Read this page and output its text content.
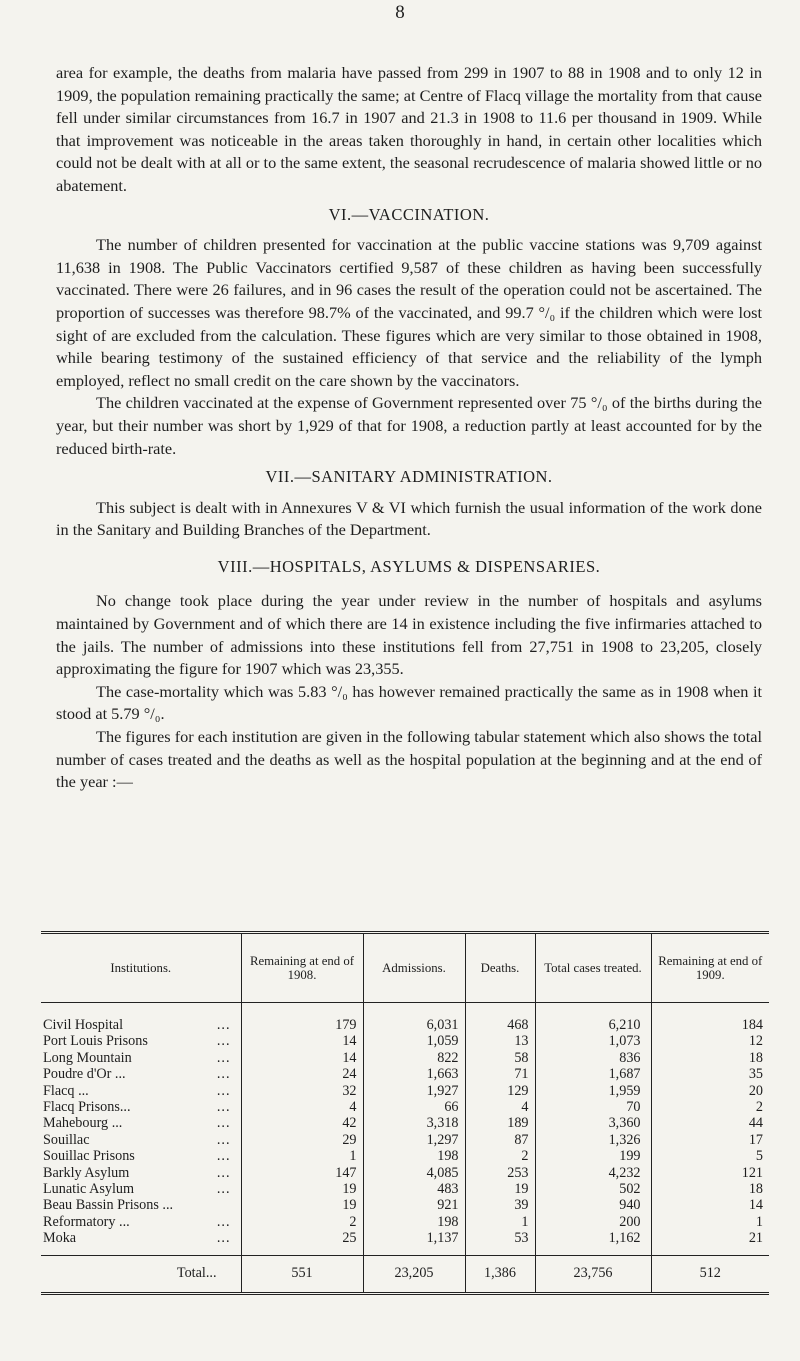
8

area for example, the deaths from malaria have passed from 299 in 1907 to 88 in 1908 and to only 12 in 1909, the population remaining practically the same; at Centre of Flacq village the mortality from that cause fell under similar circumstances from 16.7 in 1907 and 21.3 in 1908 to 11.6 per thousand in 1909. While that improvement was noticeable in the areas taken thoroughly in hand, in certain other localities which could not be dealt with at all or to the same extent, the seasonal recrudescence of malaria showed little or no abatement.

VI.—VACCINATION.

The number of children presented for vaccination at the public vaccine stations was 9,709 against 11,638 in 1908. The Public Vaccinators certified 9,587 of these children as having been successfully vaccinated. There were 26 failures, and in 96 cases the result of the operation could not be ascertained. The proportion of successes was therefore 98.7% of the vaccinated, and 99.7 °/₀ if the children which were lost sight of are excluded from the calculation. These figures which are very similar to those obtained in 1908, while bearing testimony of the sustained efficiency of that service and the reliability of the lymph employed, reflect no small credit on the care shown by the vaccinators.

The children vaccinated at the expense of Government represented over 75 °/₀ of the births during the year, but their number was short by 1,929 of that for 1908, a reduction partly at least accounted for by the reduced birth-rate.

VII.—SANITARY ADMINISTRATION.

This subject is dealt with in Annexures V & VI which furnish the usual information of the work done in the Sanitary and Building Branches of the Department.

VIII.—HOSPITALS, ASYLUMS & DISPENSARIES.

No change took place during the year under review in the number of hospitals and asylums maintained by Government and of which there are 14 in existence including the five infirmaries attached to the jails. The number of admissions into these institutions fell from 27,751 in 1908 to 23,205, closely approximating the figure for 1907 which was 23,355.

The case-mortality which was 5.83 °/₀ has however remained practically the same as in 1908 when it stood at 5.79 °/₀.

The figures for each institution are given in the following tabular statement which also shows the total number of cases treated and the deaths as well as the hospital population at the beginning and at the end of the year :—

Institutions.	Remaining at end of 1908.	Admissions.	Deaths.	Total cases treated.	Remaining at end of 1909.
Civil Hospital ...	179	6,031	468	6,210	184
Port Louis Prisons ...	14	1,059	13	1,073	12
Long Mountain ...	14	822	58	836	18
Poudre d'Or ... ...	24	1,663	71	1,687	35
Flacq ... ...	32	1,927	129	1,959	20
Flacq Prisons... ...	4	66	4	70	2
Mahebourg ... ...	42	3,318	189	3,360	44
Souillac ...	29	1,297	87	1,326	17
Souillac Prisons ...	1	198	2	199	5
Barkly Asylum ...	147	4,085	253	4,232	121
Lunatic Asylum ...	19	483	19	502	18
Beau Bassin Prisons ...	19	921	39	940	14
Reformatory ... ...	2	198	1	200	1
Moka ...	25	1,137	53	1,162	21
Total...	551	23,205	1,386	23,756	512
